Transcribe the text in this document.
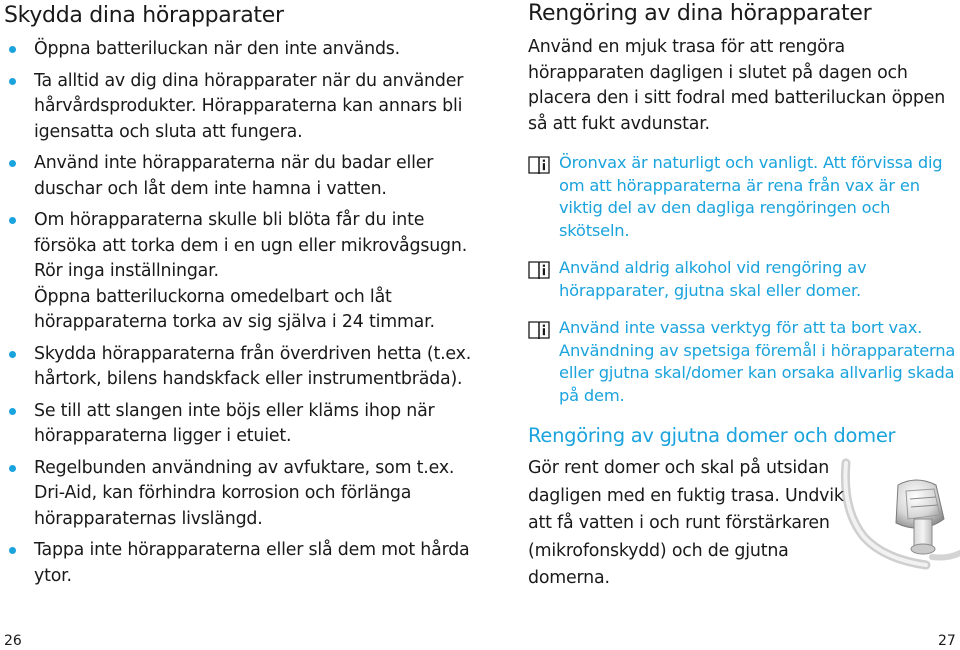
Skydda dina hörapparater
Öppna batteriluckan när den inte används.
Ta alltid av dig dina hörapparater när du använder hårvårdsprodukter. Hörapparaterna kan annars bli igensatta och sluta att fungera.
Använd inte hörapparaterna när du badar eller duschar och låt dem inte hamna i vatten.
Om hörapparaterna skulle bli blöta får du inte försöka att torka dem i en ugn eller mikrovågsugn. Rör inga inställningar.
Öppna batteriluckorna omedelbart och låt hörapparaterna torka av sig själva i 24 timmar.
Skydda hörapparaterna från överdriven hetta (t.ex. hårtork, bilens handskfack eller instrumentbräda).
Se till att slangen inte böjs eller kläms ihop när hörapparaterna ligger i etuiet.
Regelbunden användning av avfuktare, som t.ex. Dri-Aid, kan förhindra korrosion och förlänga hörapparaternas livslängd.
Tappa inte hörapparaterna eller slå dem mot hårda ytor.
Rengöring av dina hörapparater

Använd en mjuk trasa för att rengöra hörapparaten dagligen i slutet på dagen och placera den i sitt fodral med batteriluckan öppen så att fukt avdunstar.

Öronvax är naturligt och vanligt. Att förvissa dig om att hörapparaterna är rena från vax är en viktig del av den dagliga rengöringen och skötseln.
Använd aldrig alkohol vid rengöring av hörapparater, gjutna skal eller domer.
Använd inte vassa verktyg för att ta bort vax. Användning av spetsiga föremål i hörapparaterna eller gjutna skal/domer kan orsaka allvarlig skada på dem.
Rengöring av gjutna domer och domer

Gör rent domer och skal på utsidan dagligen med en fuktig trasa. Undvik att få vatten i och runt förstärkaren (mikrofonskydd) och de gjutna domerna.

26	27
